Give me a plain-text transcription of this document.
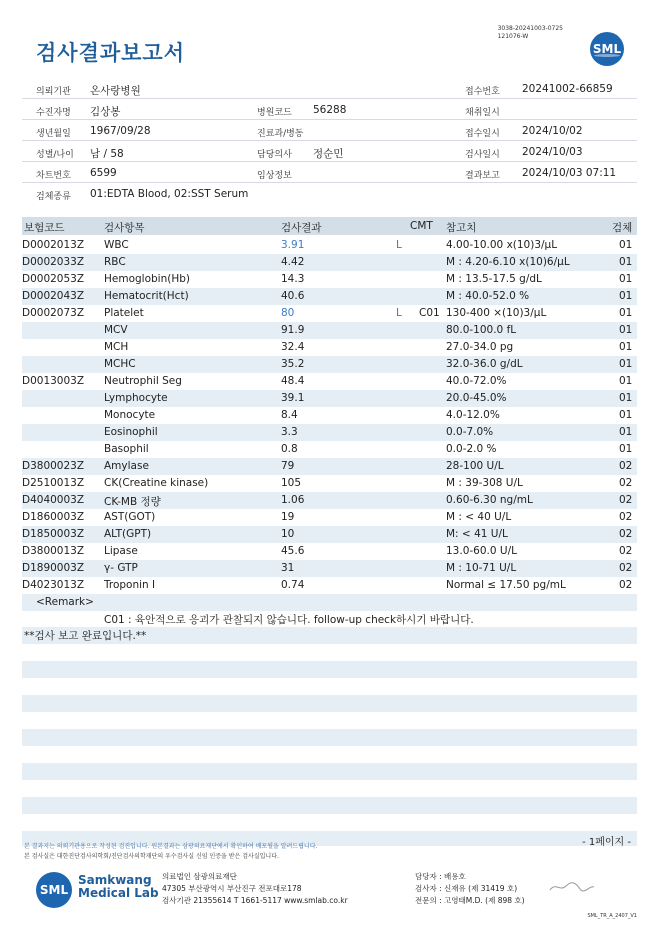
검사결과보고서
3038-20241003-0725
121076-W
SML
의뢰기관 온사랑병원	접수번호 20241002-66859
수진자명 김상봉	병원코드 56288	채취일시
생년월일 1967/09/28	진료과/병동	접수일시 2024/10/02
성별/나이 남 / 58	담당의사 정순민	검사일시 2024/10/03
차트번호 6599	임상정보	결과보고 2024/10/03 07:11
검체종류 01:EDTA Blood, 02:SST Serum
보험코드	검사항목	검사결과	CMT 참고치	검체
D0002013Z WBC	3.91	L	4.00-10.00 x(10)3/μL	01
D0002033Z RBC	4.42	M : 4.20-6.10 x(10)6/μL	01
D0002053Z Hemoglobin(Hb)	14.3	M : 13.5-17.5 g/dL	01
D0002043Z Hematocrit(Hct)	40.6	M : 40.0-52.0 %	01
D0002073Z Platelet	80	L C01 130-400 ×(10)3/μL	01
MCV	91.9	80.0-100.0 fL	01
MCH	32.4	27.0-34.0 pg	01
MCHC	35.2	32.0-36.0 g/dL	01
D0013003Z Neutrophil Seg	48.4	40.0-72.0%	01
Lymphocyte	39.1	20.0-45.0%	01
Monocyte	8.4	4.0-12.0%	01
Eosinophil	3.3	0.0-7.0%	01
Basophil	0.8	0.0-2.0 %	01
D3800023Z Amylase	79	28-100 U/L	02
D2510013Z CK(Creatine kinase)	105	M : 39-308 U/L	02
D4040003Z CK-MB 정량	1.06	0.60-6.30 ng/mL	02
D1860003Z AST(GOT)	19	M : < 40 U/L	02
D1850003Z ALT(GPT)	10	M: < 41 U/L	02
D3800013Z Lipase	45.6	13.0-60.0 U/L	02
D1890003Z γ- GTP	31	M : 10-71 U/L	02
D4023013Z Troponin I	0.74	Normal ≤ 17.50 pg/mL	02
<Remark>
C01 : 육안적으로 응괴가 관찰되지 않습니다. follow-up check하시기 바랍니다.
**검사 보고 완료입니다.**
본 결과지는 의뢰기관용으로 작성된 검진입니다. 원본결과는 삼광의료재단에서 확인하여 배포될을 알려드립니다.
본 검사실은 대한진단검사의학회/진단검사의학재단의 우수검사실 신임 인증을 받은 검사실입니다.
- 1페이지 -
SML
Samkwang
Medical Lab
의료법인 삼광의료재단
47305 부산광역시 부산진구 전포대로178
검사기관 21355614 T 1661-5117 www.smlab.co.kr
담당자 : 배용호
검사자 : 신재유 (제 31419 호)
전문의 : 고영태M.D. (제 898 호)
SML_TR_A_2407_V1
